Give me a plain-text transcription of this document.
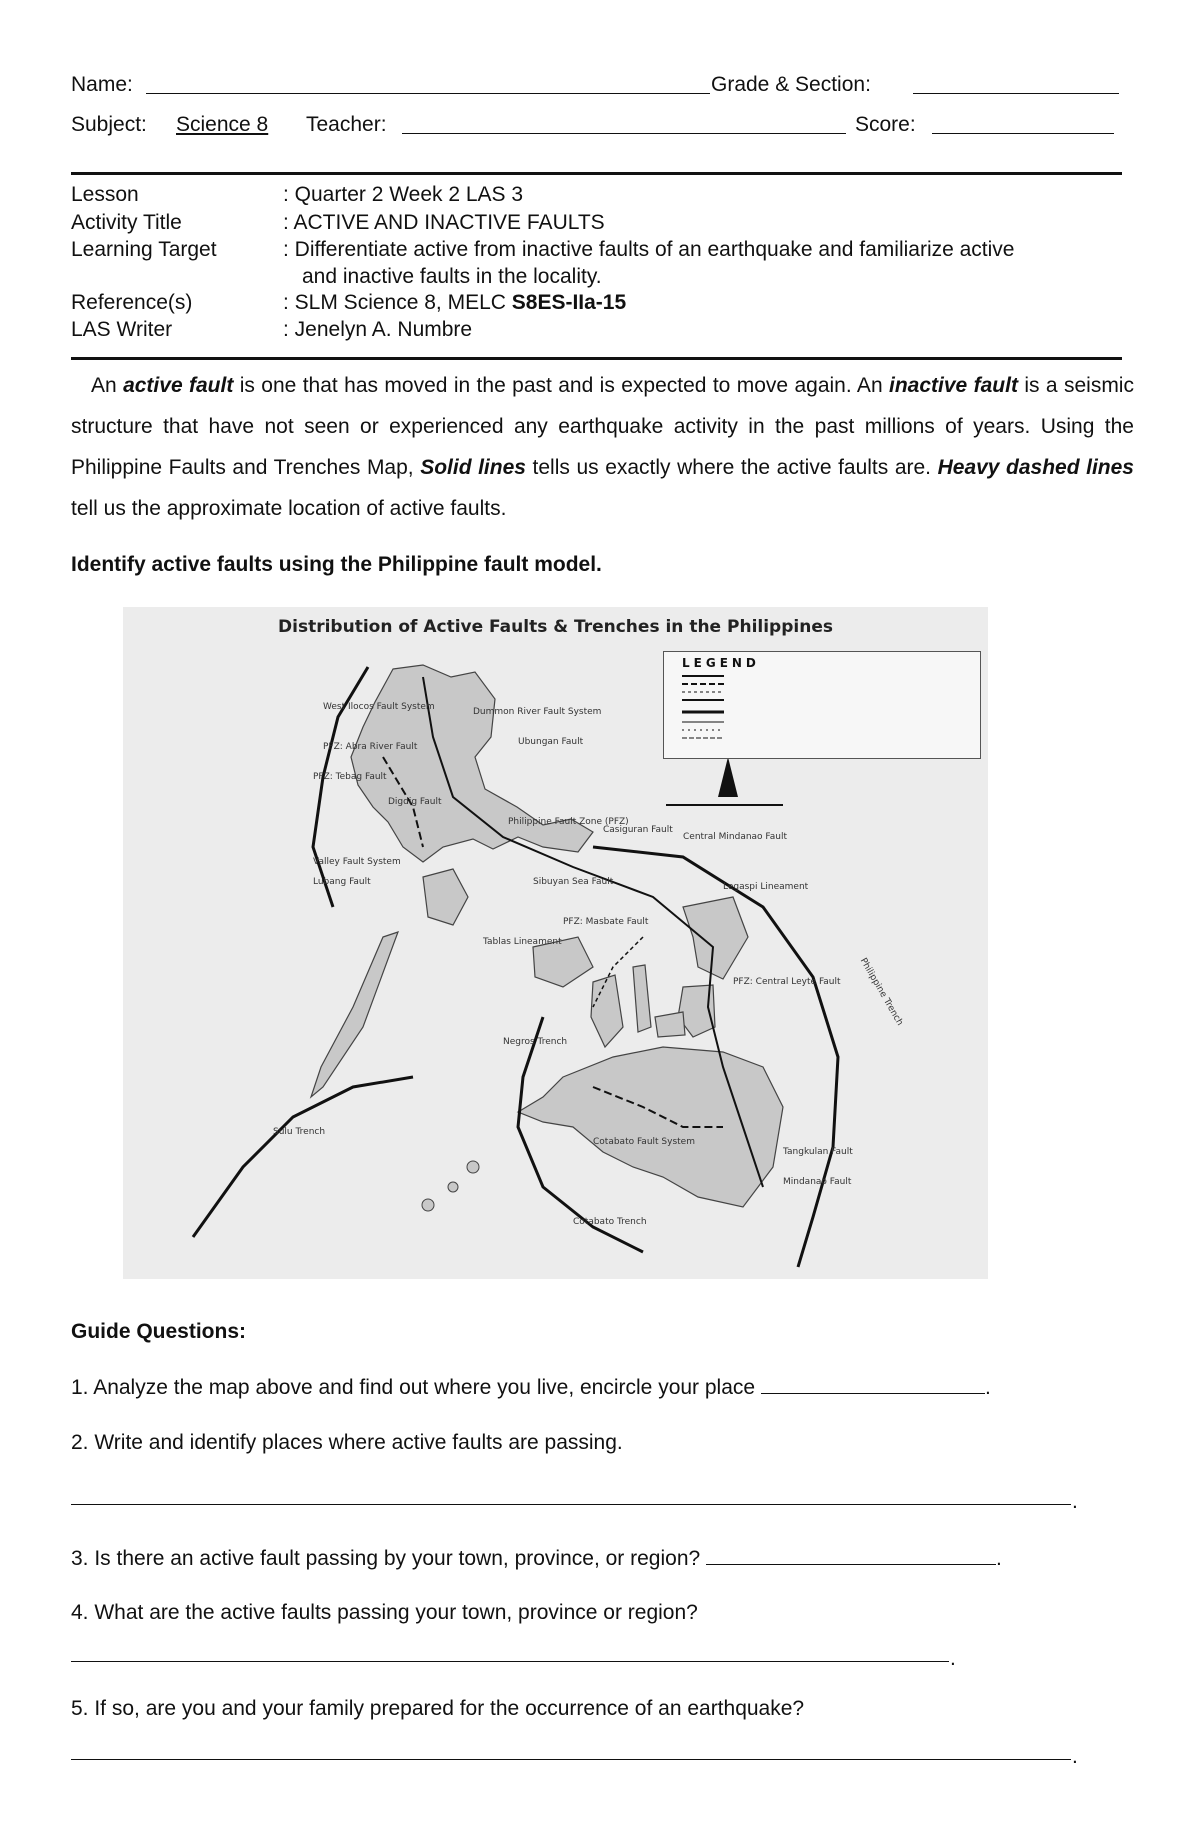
Name:	Grade & Section:
Subject: Science 8 Teacher:	Score:
Lesson	: Quarter 2 Week 2 LAS 3
Activity Title	: ACTIVE AND INACTIVE FAULTS
Learning Target	: Differentiate active from inactive faults of an earthquake and familiarize active
and inactive faults in the locality.
Reference(s)	: SLM Science 8, MELC S8ES-IIa-15
LAS Writer	: Jenelyn A. Numbre

An active fault is one that has moved in the past and is expected to move again. An inactive fault is a seismic structure that have not seen or experienced any earthquake activity in the past millions of years. Using the Philippine Faults and Trenches Map, Solid lines tells us exactly where the active faults are. Heavy dashed lines tell us the approximate location of active faults.

Identify active faults using the Philippine fault model.
Distribution of Active Faults & Trenches in the Philippines
LEGEND
West Ilocos Fault System	Dummon River Fault System
Digdig Fault
Ubungan Fault
PFZ: Abra River Fault
PFZ: Tebag Fault
Philippine Fault Zone (PFZ)
Valley Fault System
Lubang Fault
Casiguran Fault
Central Mindanao Fault
Sibuyan Sea Fault	Legaspi Lineament
PFZ: Masbate Fault
Tablas Lineament
Philippine Trench
PFZ: Central Leyte Fault
Negros Trench
Sulu Trench
Cotabato Trench
Mindanao Fault
Cotabato Fault System
Tangkulan Fault
Guide Questions:
1. Analyze the map above and find out where you live, encircle your place	.
2. Write and identify places where active faults are passing.
.
3. Is there an active fault passing by your town, province, or region?	.
4. What are the active faults passing your town, province or region?
.
5. If so, are you and your family prepared for the occurrence of an earthquake?
.
